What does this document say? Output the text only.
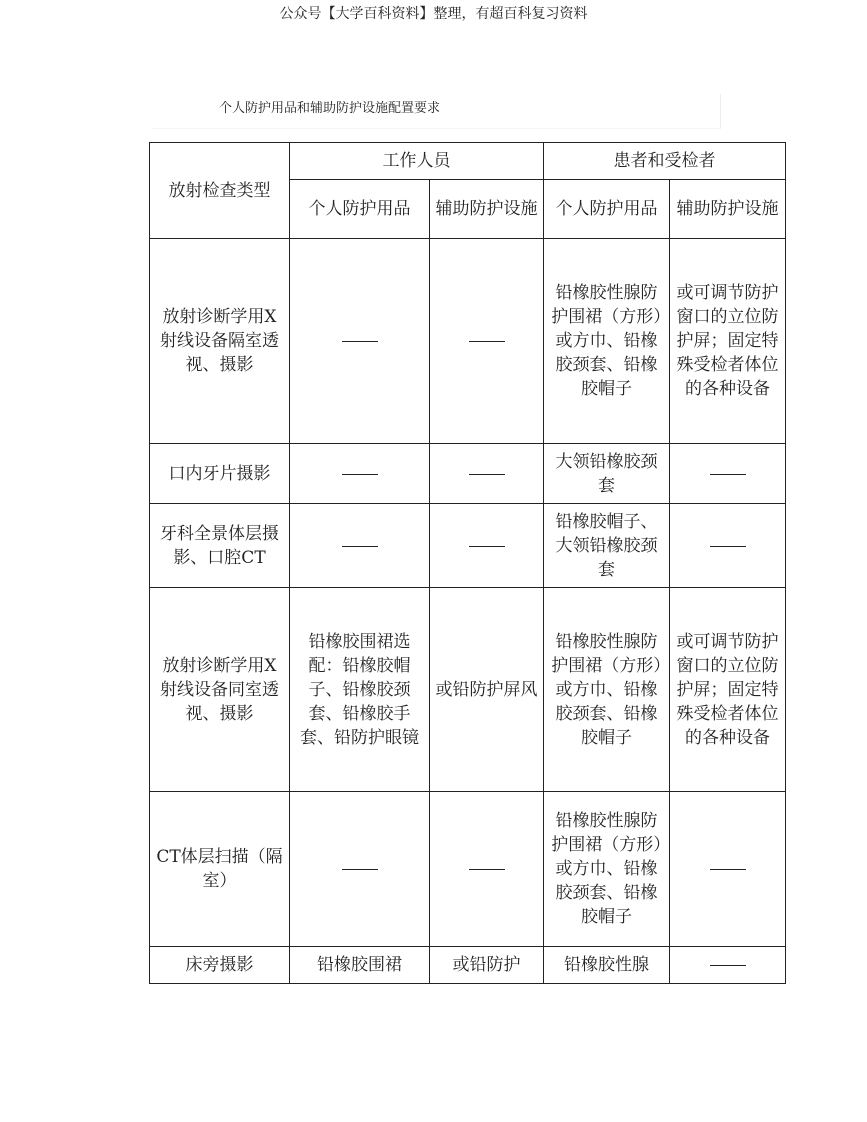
公众号【大学百科资料】整理，有超百科复习资料
个人防护用品和辅助防护设施配置要求
放射检查类型	工作人员		患者和受检者	
	个人防护用品	辅助防护设施	个人防护用品	辅助防护设施
放射诊断学用X射线设备隔室透视、摄影			铅橡胶性腺防护围裙（方形）或方巾、铅橡胶颈套、铅橡胶帽子	或可调节防护窗口的立位防护屏；固定特殊受检者体位的各种设备
口内牙片摄影			大领铅橡胶颈套	
牙科全景体层摄影、口腔CT			铅橡胶帽子、大领铅橡胶颈套	
放射诊断学用X射线设备同室透视、摄影	铅橡胶围裙选配：铅橡胶帽子、铅橡胶颈套、铅橡胶手套、铅防护眼镜	或铅防护屏风	铅橡胶性腺防护围裙（方形）或方巾、铅橡胶颈套、铅橡胶帽子	或可调节防护窗口的立位防护屏；固定特殊受检者体位的各种设备
CT体层扫描（隔室）			铅橡胶性腺防护围裙（方形）或方巾、铅橡胶颈套、铅橡胶帽子	
床旁摄影	铅橡胶围裙	或铅防护	铅橡胶性腺	
